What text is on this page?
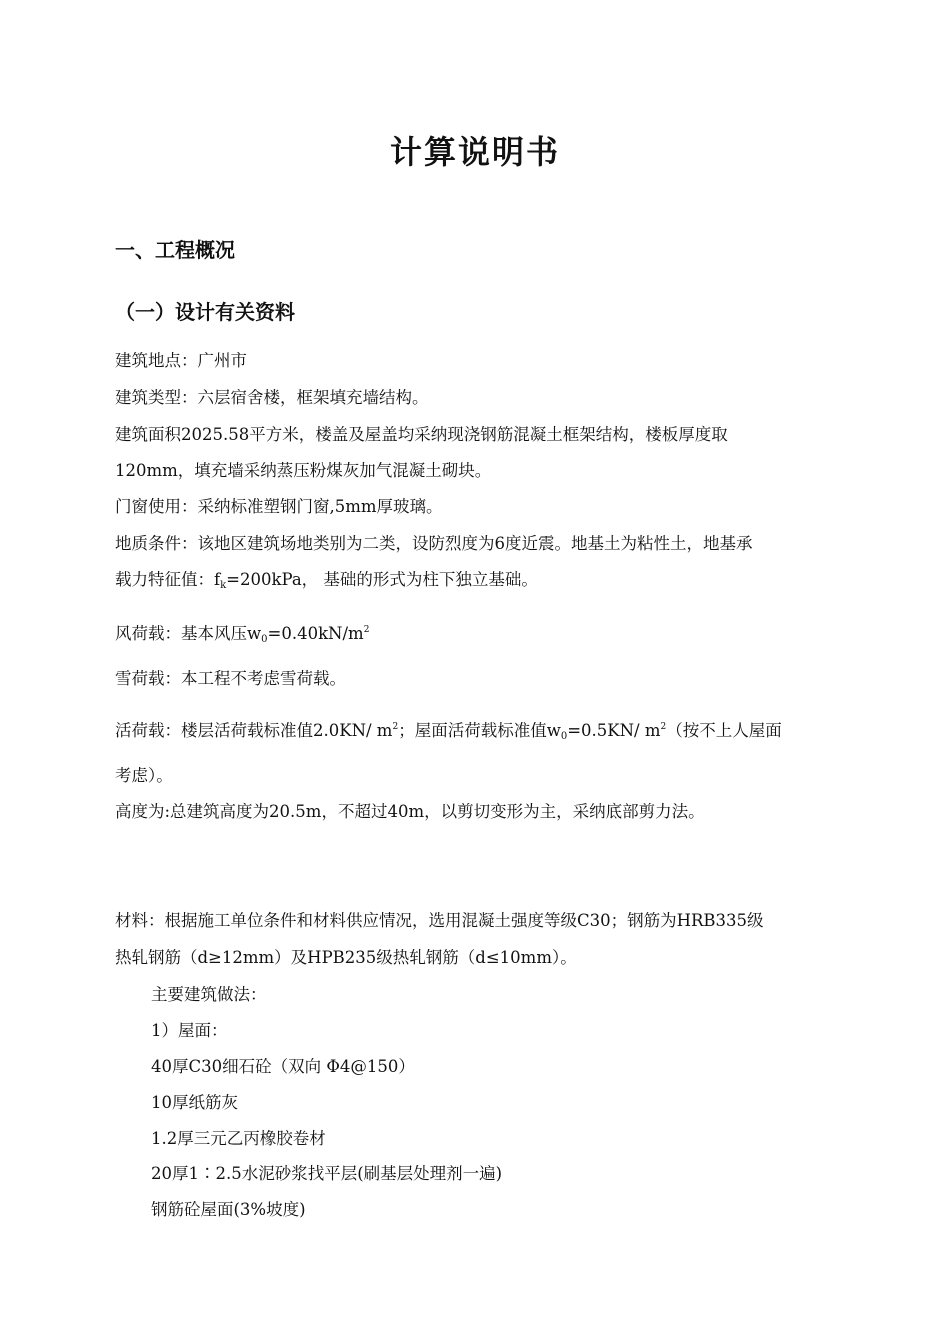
计算说明书
一、工程概况
（一）设计有关资料
建筑地点：广州市
建筑类型：六层宿舍楼，框架填充墙结构。
建筑面积2025.58平方米，楼盖及屋盖均采纳现浇钢筋混凝土框架结构，楼板厚度取
120mm，填充墙采纳蒸压粉煤灰加气混凝土砌块。
门窗使用：采纳标准塑钢门窗,5mm厚玻璃。
地质条件：该地区建筑场地类别为二类，设防烈度为6度近震。地基土为粘性土，地基承
载力特征值：$f_k=200kPa$， 基础的形式为柱下独立基础。
风荷载：基本风压$w_0=0.40kN/m^2$
雪荷载：本工程不考虑雪荷载。
活荷载：楼层活荷载标准值2.0KN/ $m^2$；屋面活荷载标准值$w_0=0.5KN/$ $m^2$（按不上人屋面
考虑）。
高度为:总建筑高度为20.5m，不超过40m，以剪切变形为主，采纳底部剪力法。
材料：根据施工单位条件和材料供应情况，选用混凝土强度等级C30；钢筋为HRB335级
热轧钢筋（d≥12mm）及HPB235级热轧钢筋（d≤10mm）。
主要建筑做法：
1）屋面：
40厚C30细石砼（双向 Φ4@150）
10厚纸筋灰
1.2厚三元乙丙橡胶卷材
20厚1∶2.5水泥砂浆找平层(刷基层处理剂一遍)
钢筋砼屋面(3%坡度)
